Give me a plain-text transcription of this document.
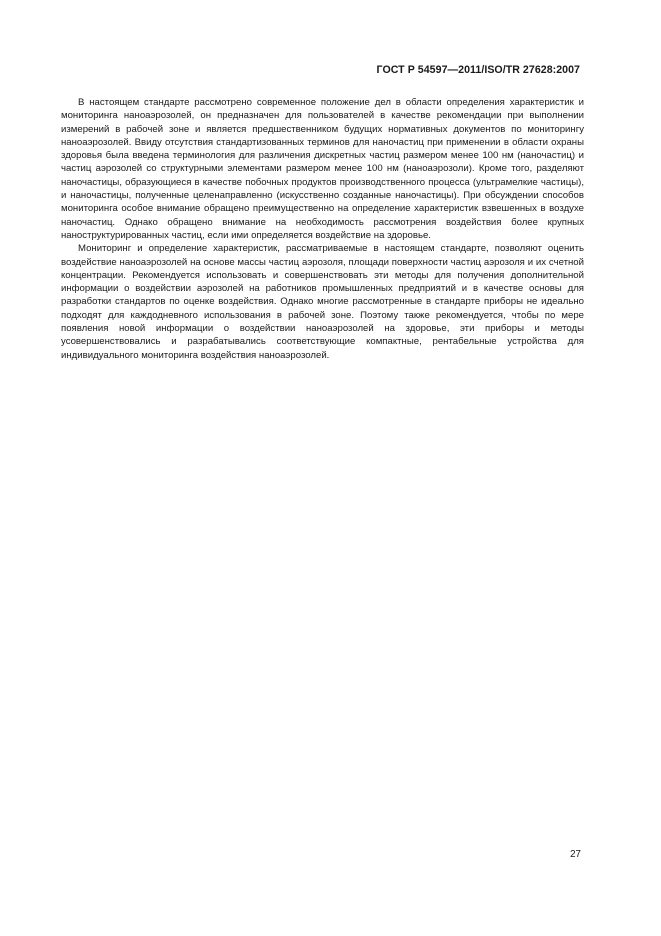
ГОСТ Р 54597—2011/ISO/TR 27628:2007

В настоящем стандарте рассмотрено современное положение дел в области определения характеристик и мониторинга наноаэрозолей, он предназначен для пользователей в качестве рекомендации при выполнении измерений в рабочей зоне и является предшественником будущих нормативных документов по мониторингу наноаэрозолей. Ввиду отсутствия стандартизованных терминов для наночастиц при применении в области охраны здоровья была введена терминология для различения дискретных частиц размером менее 100 нм (наночастиц) и частиц аэрозолей со структурными элементами размером менее 100 нм (наноаэрозоли). Кроме того, разделяют наночастицы, образующиеся в качестве побочных продуктов производственного процесса (ультрамелкие частицы), и наночастицы, полученные целенаправленно (искусственно созданные наночастицы). При обсуждении способов мониторинга особое внимание обращено преимущественно на определение характеристик взвешенных в воздухе наночастиц. Однако обращено внимание на необходимость рассмотрения воздействия более крупных наноструктурированных частиц, если ими определяется воздействие на здоровье.

Мониторинг и определение характеристик, рассматриваемые в настоящем стандарте, позволяют оценить воздействие наноаэрозолей на основе массы частиц аэрозоля, площади поверхности частиц аэрозоля и их счетной концентрации. Рекомендуется использовать и совершенствовать эти методы для получения дополнительной информации о воздействии аэрозолей на работников промышленных предприятий и в качестве основы для разработки стандартов по оценке воздействия. Однако многие рассмотренные в стандарте приборы не идеально подходят для каждодневного использования в рабочей зоне. Поэтому также рекомендуется, чтобы по мере появления новой информации о воздействии наноаэрозолей на здоровье, эти приборы и методы усовершенствовались и разрабатывались соответствующие компактные, рентабельные устройства для индивидуального мониторинга воздействия наноаэрозолей.

27
